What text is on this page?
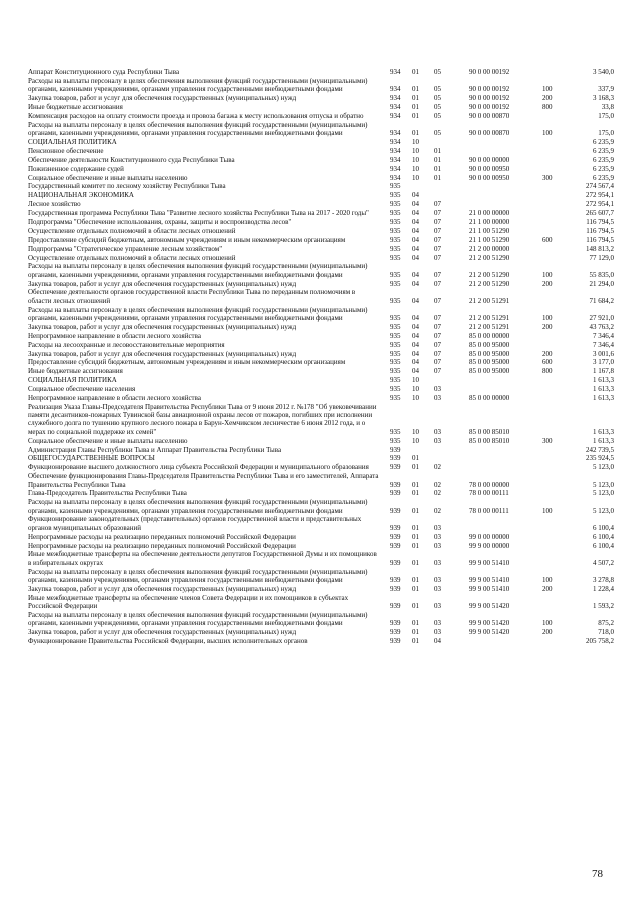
Аппарат Конституционного суда Республики Тыва	934 01 05	90 0 00 00192	3 540,0
Расходы на выплаты персоналу в целях обеспечения выполнения функций государственными (муниципальными) органами, казенными учреждениями, органами управления государственными внебюджетными фондами	934 01 05	90 0 00 00192	100	337,9
Закупка товаров, работ и услуг для обеспечения государственных (муниципальных) нужд	934 01 05	90 0 00 00192	200	3 168,3
Иные бюджетные ассигнования	934 01 05	90 0 00 00192	800	33,8
Компенсация расходов на оплату стоимости проезда и провоза багажа к месту использования отпуска и обратно	934 01 05	90 0 00 00870	175,0
Расходы на выплаты персоналу в целях обеспечения выполнения функций государственными (муниципальными) органами, казенными учреждениями, органами управления государственными внебюджетными фондами	934 01 05	90 0 00 00870	100	175,0
СОЦИАЛЬНАЯ ПОЛИТИКА	934 10	6 235,9
Пенсионное обеспечение	934 10 01	6 235,9
Обеспечение деятельности Конституционного суда Республики Тыва	934 10 01	90 0 00 00000	6 235,9
Пожизненное содержание судей	934 10 01	90 0 00 00950	6 235,9
Социальное обеспечение и иные выплаты населению	934 10 01	90 0 00 00950	300	6 235,9
Государственный комитет по лесному хозяйству Республики Тыва	935	274 567,4
НАЦИОНАЛЬНАЯ ЭКОНОМИКА	935 04	272 954,1
Лесное хозяйство	935 04 07	272 954,1
Государственная программа Республики Тыва "Развитие лесного хозяйства Республики Тыва на 2017 - 2020 годы"	935 04 07	21 0 00 00000	265 607,7
Подпрограмма "Обеспечение использования, охраны, защиты и воспроизводства лесов"	935 04 07	21 1 00 00000	116 794,5
Осуществление отдельных полномочий в области лесных отношений	935 04 07	21 1 00 51290	116 794,5
Предоставление субсидий бюджетным, автономным учреждениям и иным некоммерческим организациям	935 04 07	21 1 00 51290	600	116 794,5
Подпрограмма "Стратегическое управление лесным хозяйством"	935 04 07	21 2 00 00000	148 813,2
Осуществление отдельных полномочий в области лесных отношений	935 04 07	21 2 00 51290	77 129,0
Расходы на выплаты персоналу в целях обеспечения выполнения функций государственными (муниципальными) органами, казенными учреждениями, органами управления государственными внебюджетными фондами	935 04 07	21 2 00 51290	100	55 835,0
Закупка товаров, работ и услуг для обеспечения государственных (муниципальных) нужд	935 04 07	21 2 00 51290	200	21 294,0
Обеспечение деятельности органов государственной власти Республики Тыва по переданным полномочиям в области лесных отношений	935 04 07	21 2 00 51291	71 684,2
Расходы на выплаты персоналу в целях обеспечения выполнения функций государственными (муниципальными) органами, казенными учреждениями, органами управления государственными внебюджетными фондами	935 04 07	21 2 00 51291	100	27 921,0
Закупка товаров, работ и услуг для обеспечения государственных (муниципальных) нужд	935 04 07	21 2 00 51291	200	43 763,2
Непрограммное направление в области лесного хозяйства	935 04 07	85 0 00 00000	7 346,4
Расходы на лесоохранные и лесовосстановительные мероприятия	935 04 07	85 0 00 95000	7 346,4
Закупка товаров, работ и услуг для обеспечения государственных (муниципальных) нужд	935 04 07	85 0 00 95000	200	3 001,6
Предоставление субсидий бюджетным, автономным учреждениям и иным некоммерческим организациям	935 04 07	85 0 00 95000	600	3 177,0
Иные бюджетные ассигнования	935 04 07	85 0 00 95000	800	1 167,8
СОЦИАЛЬНАЯ ПОЛИТИКА	935 10	1 613,3
Социальное обеспечение населения	935 10 03	1 613,3
Непрограммное направление в области лесного хозяйства	935 10 03	85 0 00 00000	1 613,3
Реализация Указа Главы-Председателя Правительства Республики Тыва от 9 июня 2012 г. №178 "Об увековечивании памяти десантников-пожарных Тувинской базы авиационной охраны лесов от пожаров, погибших при исполнении служебного долга по тушению крупного лесного пожара в Барун-Хемчикском лесничестве 6 июня 2012 года, и о мерах по социальной поддержке их семей"	935 10 03	85 0 00 85010	1 613,3
Социальное обеспечение и иные выплаты населению	935 10 03	85 0 00 85010	300	1 613,3
Администрация Главы Республики Тыва и Аппарат Правительства Республики Тыва	939	242 739,5
ОБЩЕГОСУДАРСТВЕННЫЕ ВОПРОСЫ	939 01	235 924,5
Функционирование высшего должностного лица субъекта Российской Федерации и муниципального образования	939 01 02	5 123,0
Обеспечение функционирования Главы-Председателя Правительства Республики Тыва и его заместителей, Аппарата Правительства Республики Тыва	939 01 02	78 0 00 00000	5 123,0
Глава-Председатель Правительства Республики Тыва	939 01 02	78 0 00 00111	5 123,0
Расходы на выплаты персоналу в целях обеспечения выполнения функций государственными (муниципальными) органами, казенными учреждениями, органами управления государственными внебюджетными фондами	939 01 02	78 0 00 00111	100	5 123,0
Функционирование законодательных (представительных) органов государственной власти и представительных органов муниципальных образований	939 01 03	6 100,4
Непрограммные расходы на реализацию переданных полномочий Российской Федерации	939 01 03	99 0 00 00000	6 100,4
Непрограммные расходы на реализацию переданных полномочий Российской Федерации	939 01 03	99 9 00 00000	6 100,4
Иные межбюджетные трансферты на обеспечение деятельности депутатов Государственной Думы и их помощников в избирательных округах	939 01 03	99 9 00 51410	4 507,2
Расходы на выплаты персоналу в целях обеспечения выполнения функций государственными (муниципальными) органами, казенными учреждениями, органами управления государственными внебюджетными фондами	939 01 03	99 9 00 51410	100	3 278,8
Закупка товаров, работ и услуг для обеспечения государственных (муниципальных) нужд	939 01 03	99 9 00 51410	200	1 228,4
Иные межбюджетные трансферты на обеспечение членов Совета Федерации и их помощников в субъектах Российской Федерации	939 01 03	99 9 00 51420	1 593,2
Расходы на выплаты персоналу в целях обеспечения выполнения функций государственными (муниципальными) органами, казенными учреждениями, органами управления государственными внебюджетными фондами	939 01 03	99 9 00 51420	100	875,2
Закупка товаров, работ и услуг для обеспечения государственных (муниципальных) нужд	939 01 03	99 9 00 51420	200	718,0
Функционирование Правительства Российской Федерации, высших исполнительных органов	939 01 04	205 758,2
78
